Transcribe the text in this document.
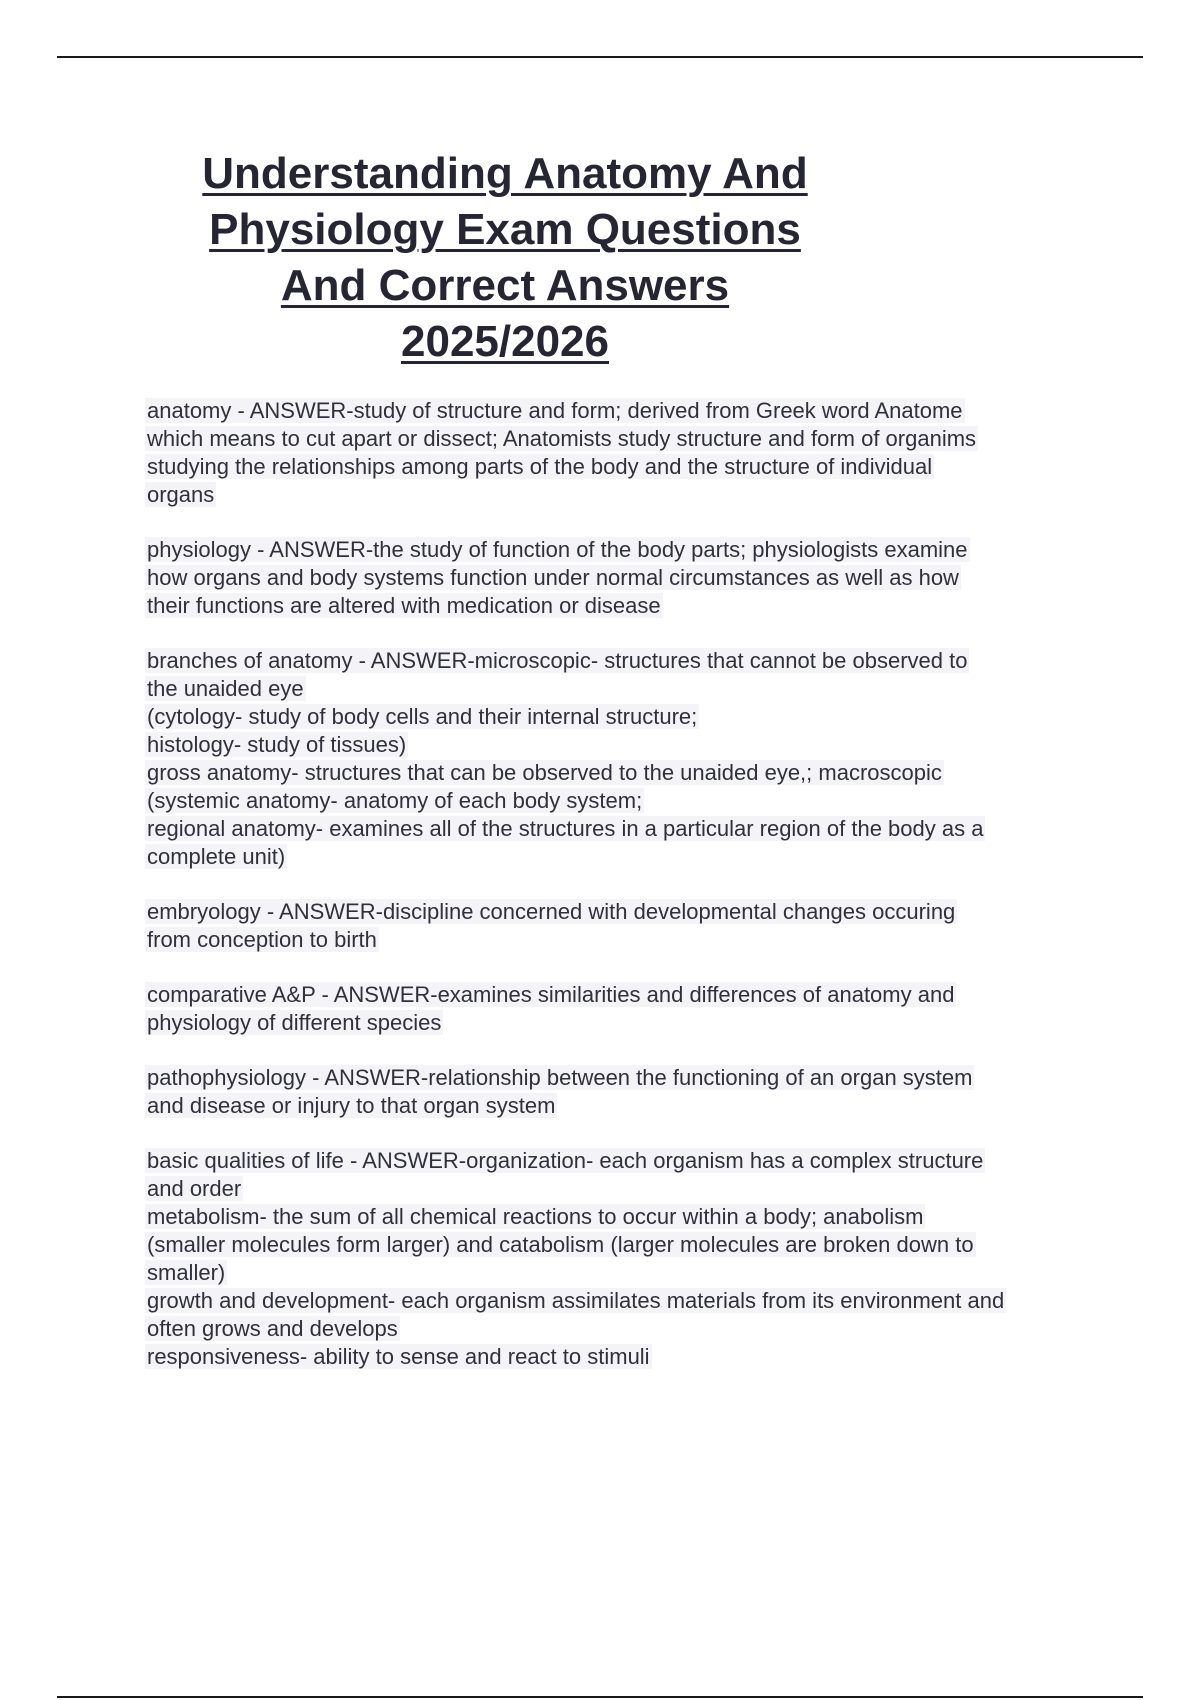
Understanding Anatomy And
Physiology Exam Questions
And Correct Answers
2025/2026
anatomy - ANSWER-study of structure and form; derived from Greek word Anatome
which means to cut apart or dissect; Anatomists study structure and form of organims
studying the relationships among parts of the body and the structure of individual
organs
physiology - ANSWER-the study of function of the body parts; physiologists examine
how organs and body systems function under normal circumstances as well as how
their functions are altered with medication or disease
branches of anatomy - ANSWER-microscopic- structures that cannot be observed to
the unaided eye
(cytology- study of body cells and their internal structure;
histology- study of tissues)
gross anatomy- structures that can be observed to the unaided eye,; macroscopic
(systemic anatomy- anatomy of each body system;
regional anatomy- examines all of the structures in a particular region of the body as a
complete unit)
embryology - ANSWER-discipline concerned with developmental changes occuring
from conception to birth
comparative A&P - ANSWER-examines similarities and differences of anatomy and
physiology of different species
pathophysiology - ANSWER-relationship between the functioning of an organ system
and disease or injury to that organ system
basic qualities of life - ANSWER-organization- each organism has a complex structure
and order
metabolism- the sum of all chemical reactions to occur within a body; anabolism
(smaller molecules form larger) and catabolism (larger molecules are broken down to
smaller)
growth and development- each organism assimilates materials from its environment and
often grows and develops
responsiveness- ability to sense and react to stimuli
